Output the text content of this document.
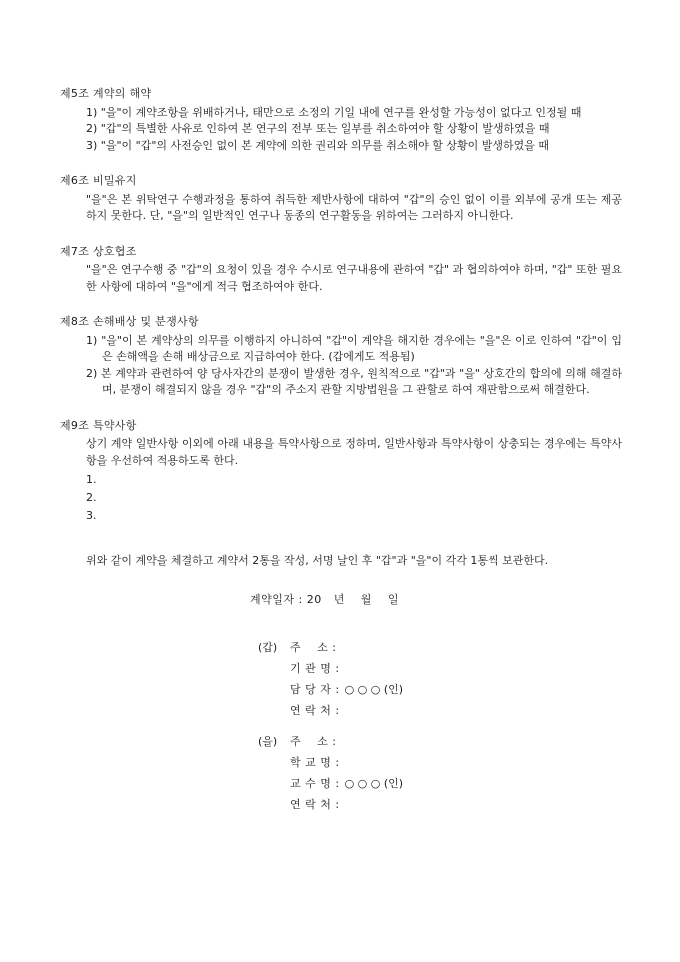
제5조 계약의 해약
1) "을"이 계약조항을 위배하거나, 태만으로 소정의 기일 내에 연구를 완성할 가능성이 없다고 인정될 때
2) "갑"의 특별한 사유로 인하여 본 연구의 전부 또는 일부를 취소하여야 할 상황이 발생하였을 때
3) "을"이 "갑"의 사전승인 없이 본 계약에 의한 권리와 의무를 취소해야 할 상황이 발생하였을 때
제6조 비밀유지
"을"은 본 위탁연구 수행과정을 통하여 취득한 제반사항에 대하여 "갑"의 승인 없이 이를 외부에 공개 또는 제공하지 못한다. 단, "을"의 일반적인 연구나 동종의 연구활동을 위하여는 그러하지 아니한다.
제7조 상호협조
"을"은 연구수행 중 "갑"의 요청이 있을 경우 수시로 연구내용에 관하여 "갑" 과 협의하여야 하며, "갑" 또한 필요한 사항에 대하여 "을"에게 적극 협조하여야 한다.
제8조 손해배상 및 분쟁사항
1) "을"이 본 계약상의 의무를 이행하지 아니하여 "갑"이 계약을 해지한 경우에는 "을"은 이로 인하여 "갑"이 입은 손해액을 손해 배상금으로 지급하여야 한다. (갑에게도 적용됨)
2) 본 계약과 관련하여 양 당사자간의 분쟁이 발생한 경우, 원칙적으로 "갑"과 "을" 상호간의 합의에 의해 해결하며, 분쟁이 해결되지 않을 경우 "갑"의 주소지 관할 지방법원을 그 관할로 하여 재판함으로써 해결한다.
제9조 특약사항
상기 계약 일반사항 이외에 아래 내용을 특약사항으로 정하며, 일반사항과 특약사항이 상충되는 경우에는 특약사항을 우선하여 적용하도록 한다.
1.
2.
3.

위와 같이 계약을 체결하고 계약서 2통을 작성, 서명 날인 후 "갑"과 "을"이 각각 1통씩 보관한다.

계약일자 : 20   년    월    일
(갑)	주    소 :
기 관 명 :
담 당 자 : ○ ○ ○ (인)
연 락 처 :
(을)	주    소 :
학 교 명 :
교 수 명 : ○ ○ ○ (인)
연 락 처 :
